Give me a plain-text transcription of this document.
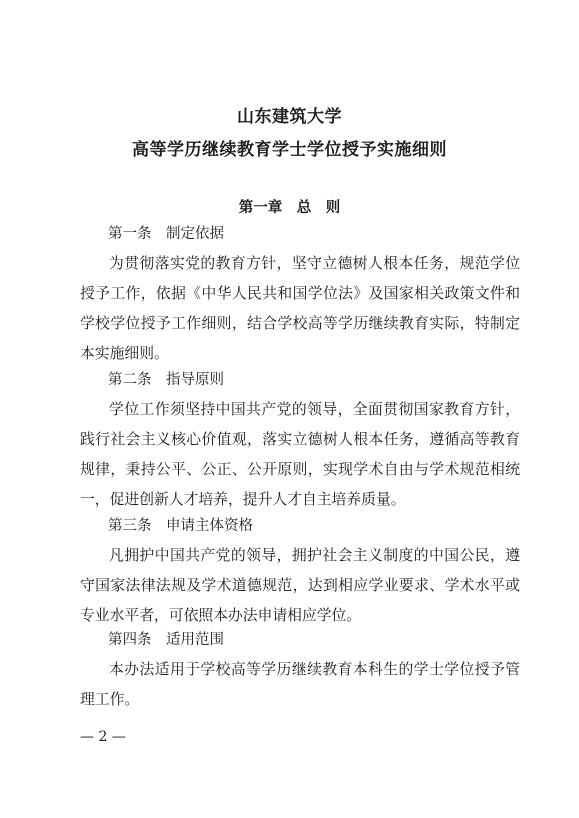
山东建筑大学
高等学历继续教育学士学位授予实施细则
第一章　总　则
第一条　制定依据
为贯彻落实党的教育方针，坚守立德树人根本任务，规范学位授予工作，依据《中华人民共和国学位法》及国家相关政策文件和学校学位授予工作细则，结合学校高等学历继续教育实际，特制定本实施细则。
第二条　指导原则
学位工作须坚持中国共产党的领导，全面贯彻国家教育方针，践行社会主义核心价值观，落实立德树人根本任务，遵循高等教育规律，秉持公平、公正、公开原则，实现学术自由与学术规范相统一，促进创新人才培养，提升人才自主培养质量。
第三条　申请主体资格
凡拥护中国共产党的领导，拥护社会主义制度的中国公民，遵守国家法律法规及学术道德规范，达到相应学业要求、学术水平或专业水平者，可依照本办法申请相应学位。
第四条　适用范围
本办法适用于学校高等学历继续教育本科生的学士学位授予管理工作。
— 2 —
